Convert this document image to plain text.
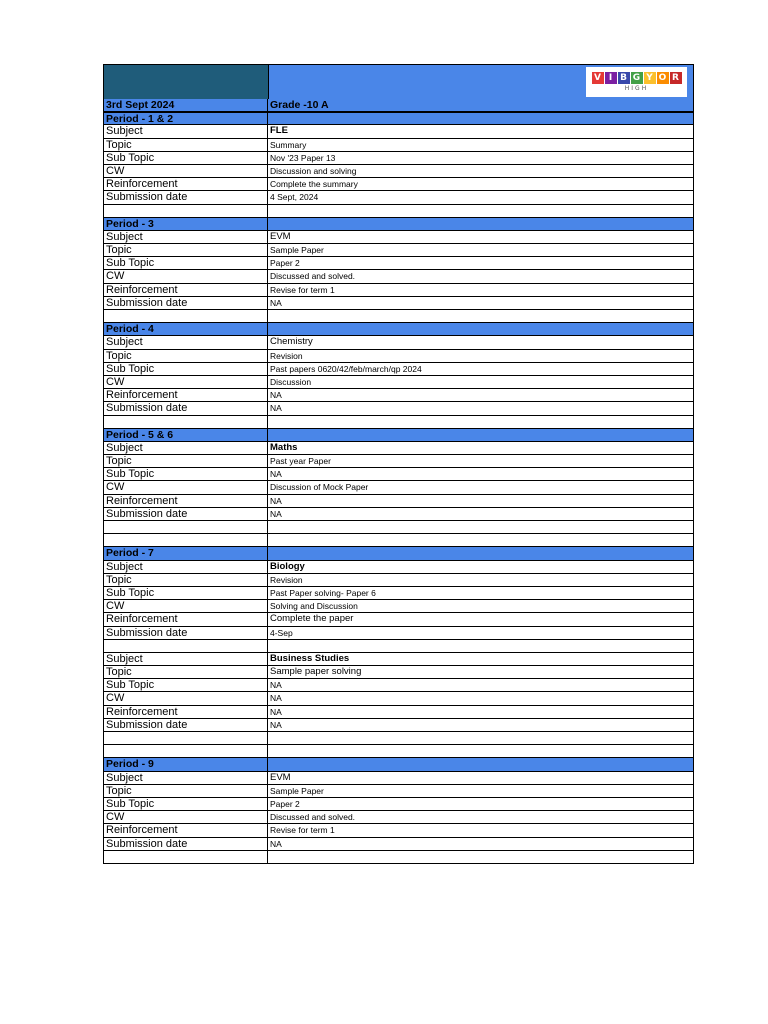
V I B G Y O R
HIGH
3rd Sept 2024	Grade -10 A
Period - 1 & 2
Subject	FLE
Topic	Summary
Sub Topic	Nov '23 Paper 13
CW	Discussion and solving
Reinforcement	Complete the summary
Submission date	4 Sept, 2024
Period - 3
Subject	EVM
Topic	Sample Paper
Sub Topic	Paper 2
CW	Discussed and solved.
Reinforcement	Revise for term 1
Submission date	NA
Period - 4
Subject	Chemistry
Topic	Revision
Sub Topic	Past papers 0620/42/feb/march/qp 2024
CW	Discussion
Reinforcement	NA
Submission date	NA
Period - 5 & 6
Subject	Maths
Topic	Past year Paper
Sub Topic	NA
CW	Discussion of Mock Paper
Reinforcement	NA
Submission date	NA
Period - 7
Subject	Biology
Topic	Revision
Sub Topic	Past Paper solving- Paper 6
CW	Solving and Discussion
Reinforcement	Complete the paper
Submission date	4-Sep
Subject	Business Studies
Topic	Sample paper solving
Sub Topic	NA
CW	NA
Reinforcement	NA
Submission date	NA
Period - 9
Subject	EVM
Topic	Sample Paper
Sub Topic	Paper 2
CW	Discussed and solved.
Reinforcement	Revise for term 1
Submission date	NA
